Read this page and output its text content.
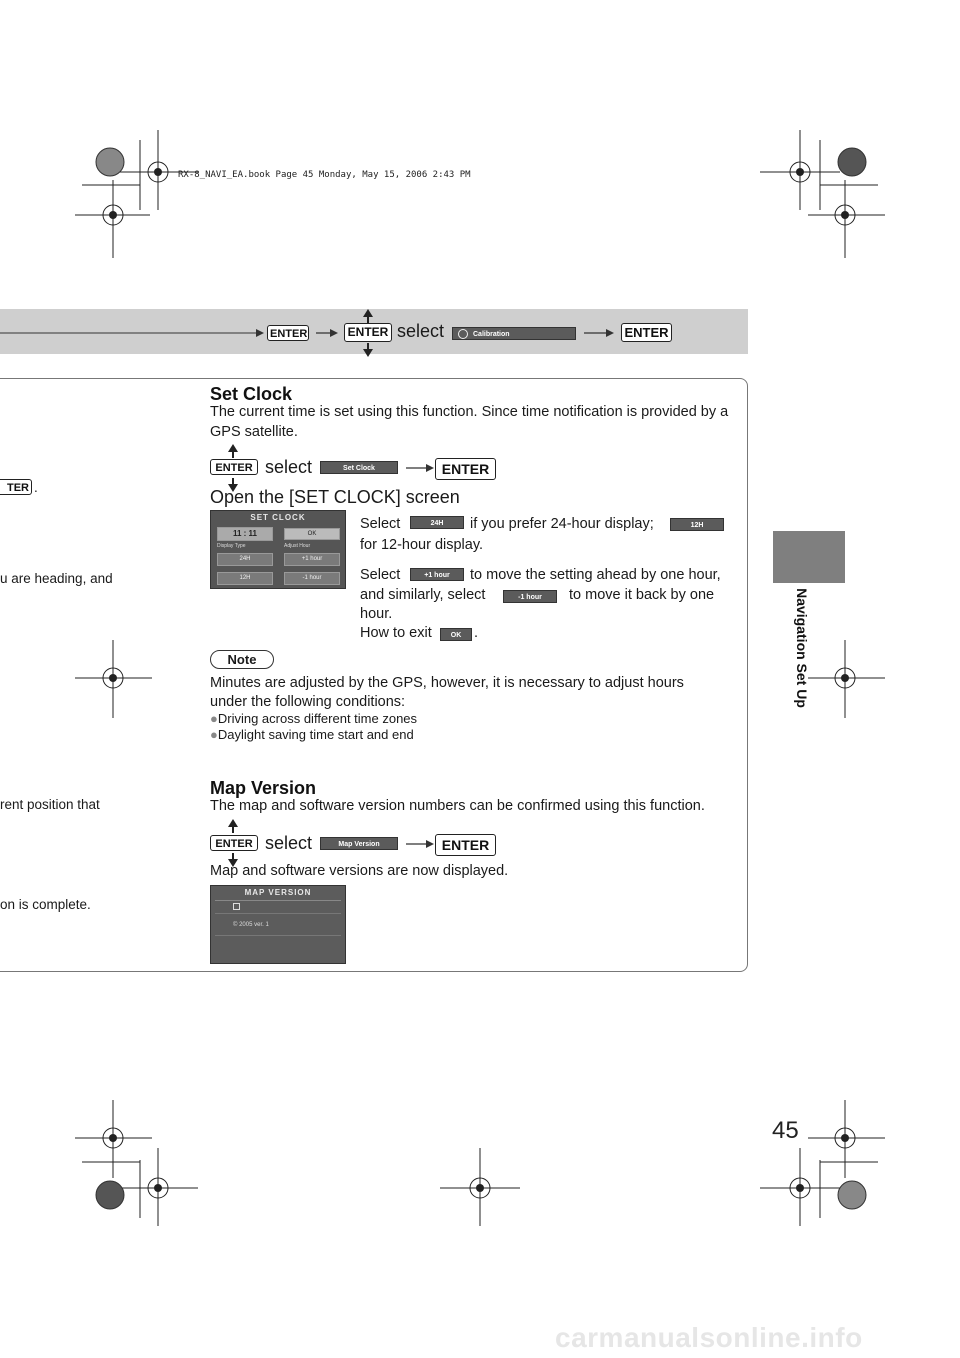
RX-8_NAVI_EA.book Page 45 Monday, May 15, 2006 2:43 PM
ENTER	ENTER select	Calibration	ENTER
TER .
u are heading, and
rent position that
on is complete.
Set Clock
The current time is set using this function. Since time notification is provided by a GPS satellite.
ENTER select	Set Clock	ENTER
Open the [SET CLOCK] screen
SET CLOCK
11 : 11	OK
Display Type	Adjust Hour
24H	+1 hour
12H	-1 hour
Select	24H	if you prefer 24-hour display;	12H
for 12-hour display.
Select	+1 hour	to move the setting ahead by one hour,
and similarly, select	-1 hour	to move it back by one
hour.
How to exit	OK .
Note
Minutes are adjusted by the GPS, however, it is necessary to adjust hours
under the following conditions:
●Driving across different time zones
●Daylight saving time start and end
Map Version
The map and software version numbers can be confirmed using this function.
ENTER select	Map Version	ENTER
Map and software versions are now displayed.
MAP VERSION
© 2005 ver. 1
Navigation Set Up
45
carmanualsonline.info
